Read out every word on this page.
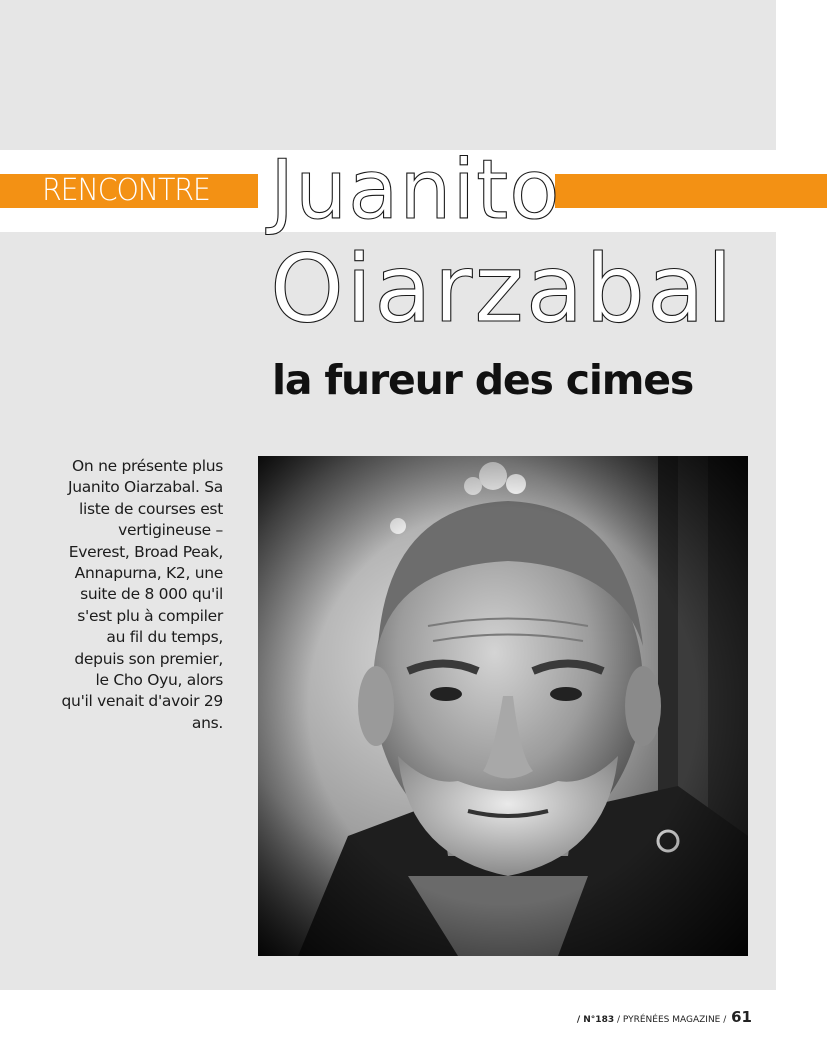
RENCONTRE Juanito
Oiarzabal
la fureur des cimes
On ne présente plus Juanito Oiarzabal. Sa liste de courses est vertigineuse – Everest, Broad Peak, Annapurna, K2, une suite de 8 000 qu'il s'est plu à compiler au fil du temps, depuis son premier, le Cho Oyu, alors qu'il venait d'avoir 29 ans.
/ N°183 / PYRÉNÉES MAGAZINE / 61
